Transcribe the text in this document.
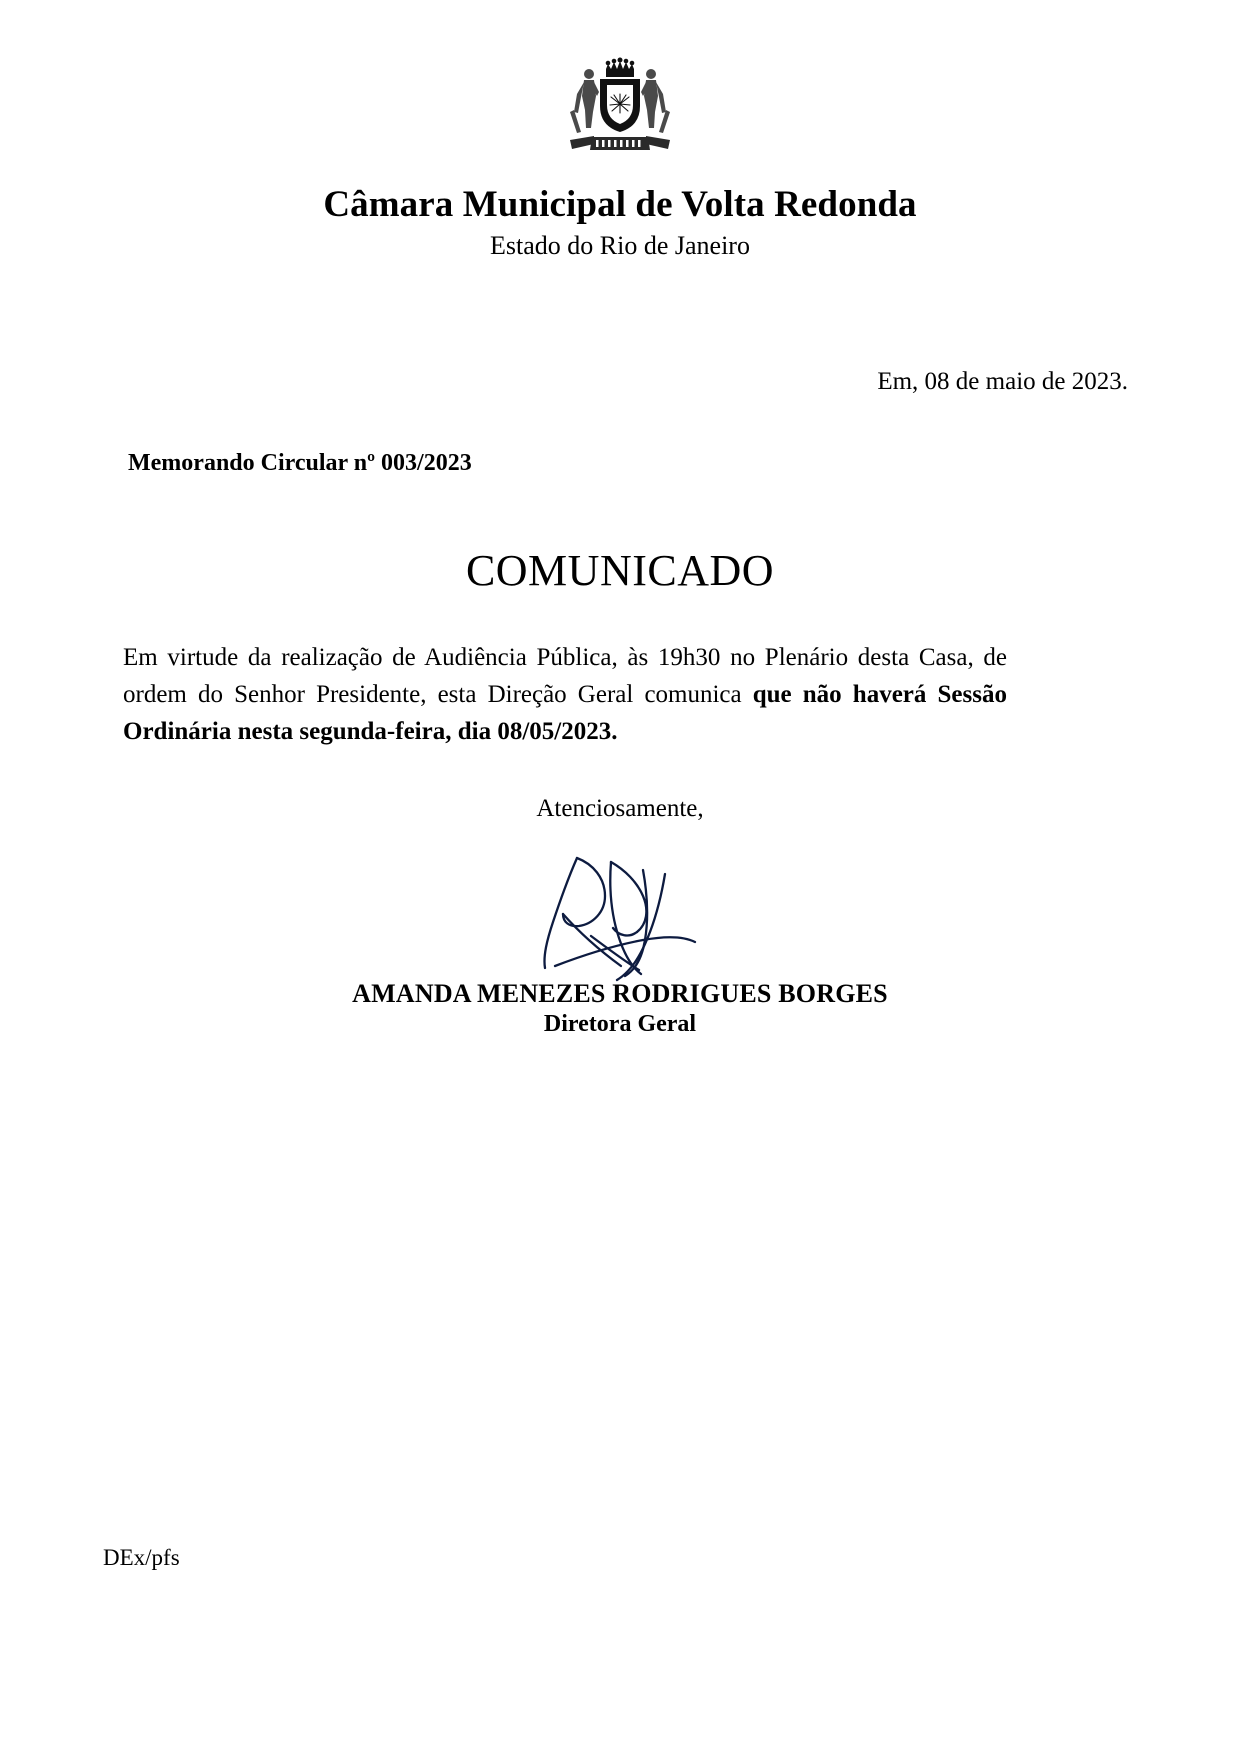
Câmara Municipal de Volta Redonda
Estado do Rio de Janeiro
Em, 08 de maio de 2023.
Memorando Circular nº 003/2023
COMUNICADO

Em virtude da realização de Audiência Pública, às 19h30 no Plenário desta Casa, de ordem do Senhor Presidente, esta Direção Geral comunica que não haverá Sessão Ordinária nesta segunda-feira, dia 08/05/2023.

Atenciosamente,
AMANDA MENEZES RODRIGUES BORGES
Diretora Geral
DEx/pfs
